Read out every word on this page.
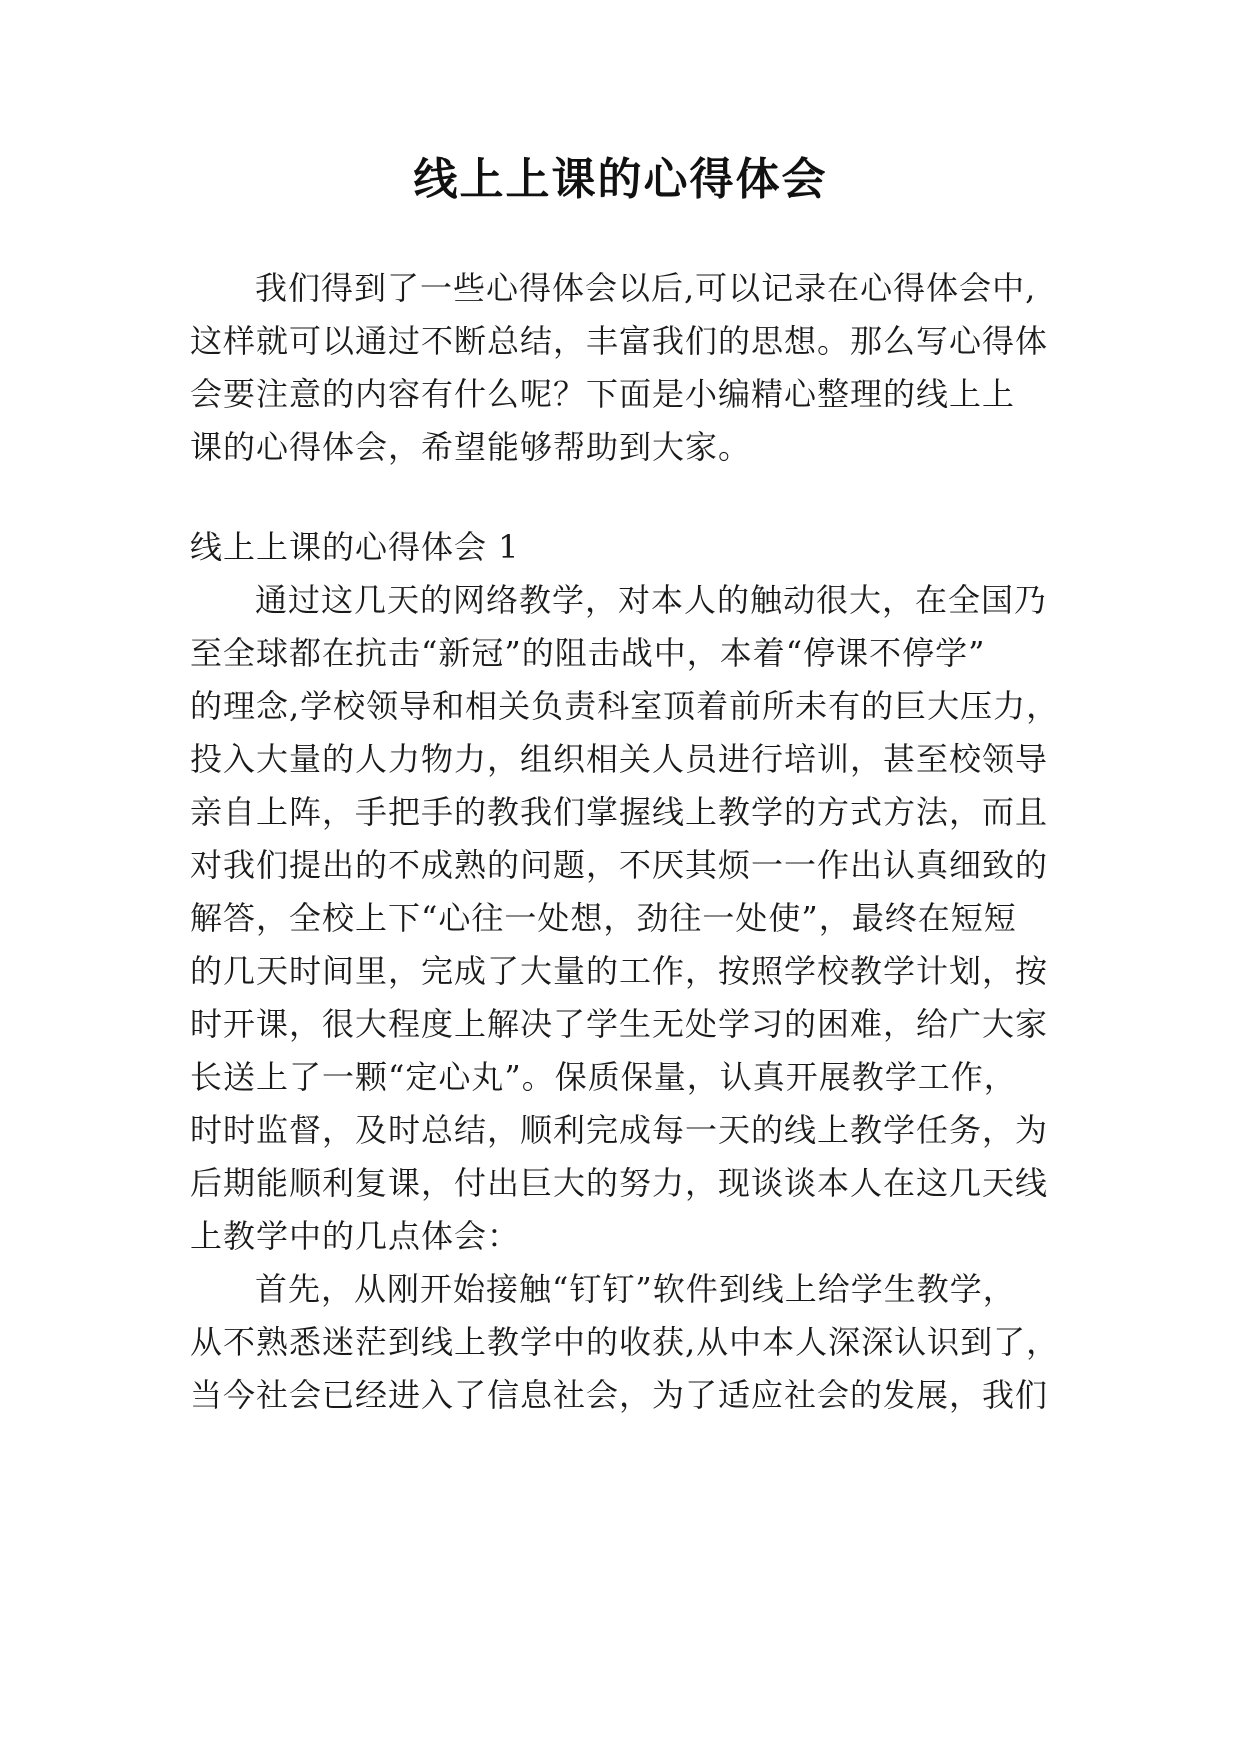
线上上课的心得体会
我们得到了一些心得体会以后,可以记录在心得体会中,
这样就可以通过不断总结，丰富我们的思想。那么写心得体
会要注意的内容有什么呢？下面是小编精心整理的线上上
课的心得体会，希望能够帮助到大家。
线上上课的心得体会 1
通过这几天的网络教学，对本人的触动很大，在全国乃
至全球都在抗击“新冠”的阻击战中，本着“停课不停学”
的理念,学校领导和相关负责科室顶着前所未有的巨大压力，
投入大量的人力物力，组织相关人员进行培训，甚至校领导
亲自上阵，手把手的教我们掌握线上教学的方式方法，而且
对我们提出的不成熟的问题，不厌其烦一一作出认真细致的
解答，全校上下“心往一处想，劲往一处使”，最终在短短
的几天时间里，完成了大量的工作，按照学校教学计划，按
时开课，很大程度上解决了学生无处学习的困难，给广大家
长送上了一颗“定心丸”。保质保量，认真开展教学工作，
时时监督，及时总结，顺利完成每一天的线上教学任务，为
后期能顺利复课，付出巨大的努力，现谈谈本人在这几天线
上教学中的几点体会：
首先，从刚开始接触“钉钉”软件到线上给学生教学，
从不熟悉迷茫到线上教学中的收获,从中本人深深认识到了，
当今社会已经进入了信息社会，为了适应社会的发展，我们
